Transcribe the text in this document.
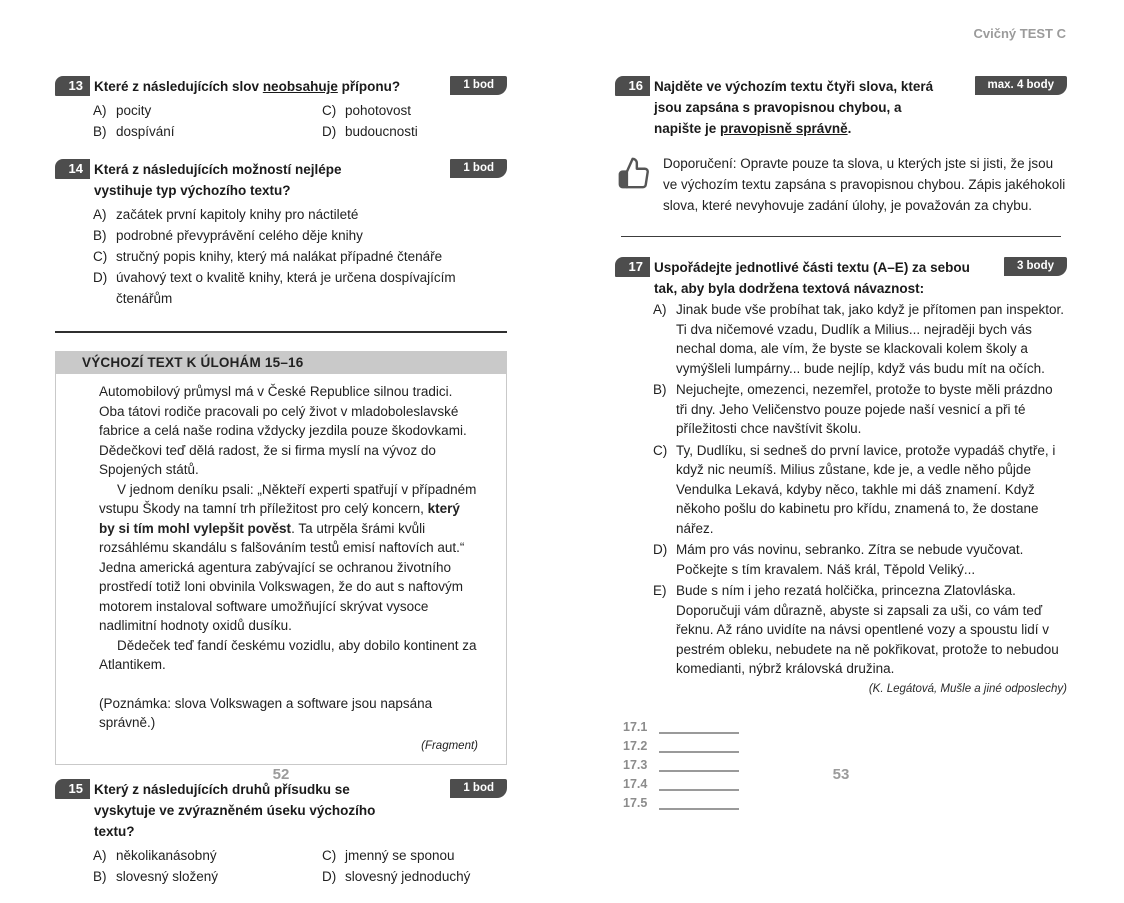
Cvičný TEST C
13 Které z následujících slov neobsahuje příponu?	1 bod
A) pocity	C) pohotovost
B) dospívání	D) budoucnosti
14 Která z následujících možností nejlépe vystihuje typ výchozího textu?
1 bod
A) začátek první kapitoly knihy pro náctileté
B) podrobné převyprávění celého děje knihy
C) stručný popis knihy, který má nalákat případné čtenáře
D) úvahový text o kvalitě knihy, která je určena dospívajícím čtenářům
VÝCHOZÍ TEXT K ÚLOHÁM 15–16

Automobilový průmysl má v České Republice silnou tradici. Oba tátovi rodiče pracovali po celý život v mladoboleslavské fabrice a celá naše rodina vždycky jezdila pouze škodovkami. Dědečkovi teď dělá radost, že si firma myslí na vývoz do Spojených států.

V jednom deníku psali: „Někteří experti spatřují v případném vstupu Škody na tamní trh příležitost pro celý koncern, který by si tím mohl vylepšit pověst. Ta utrpěla šrámi kvůli rozsáhlému skandálu s falšováním testů emisí naftovích aut.“ Jedna americká agentura zabývající se ochranou životního prostředí totiž loni obvinila Volkswagen, že do aut s naftovým motorem instaloval software umožňující skrývat vysoce nadlimitní hodnoty oxidů dusíku.

Dědeček teď fandí českému vozidlu, aby dobilo kontinent za Atlantikem.

(Poznámka: slova Volkswagen a software jsou napsána správně.)

(Fragment)

15 Který z následujících druhů přísudku se vyskytuje ve zvýrazněném úseku výchozího textu?
1 bod
A) několikanásobný	C) jmenný se sponou
B) slovesný složený	D) slovesný jednoduchý
16 Najděte ve výchozím textu čtyři slova, která jsou zapsána s pravopisnou chybou, a napište je pravopisně správně.
max. 4 body
Doporučení: Opravte pouze ta slova, u kterých jste si jisti, že jsou ve výchozím textu zapsána s pravopisnou chybou. Zápis jakéhokoli slova, které nevyhovuje zadání úlohy, je považován za chybu.
17 Uspořádejte jednotlivé části textu (A–E) za sebou tak, aby byla dodržena textová návaznost:
3 body
A) Jinak bude vše probíhat tak, jako když je přítomen pan inspektor. Ti dva ničemové vzadu, Dudlík a Milius... nejraději bych vás nechal doma, ale vím, že byste se klackovali kolem školy a vymýšleli lumpárny... bude nejlíp, když vás budu mít na očích.
B) Nejuchejte, omezenci, nezemřel, protože to byste měli prázdno tři dny. Jeho Veličenstvo pouze pojede naší vesnicí a při té příležitosti chce navštívit školu.
C) Ty, Dudlíku, si sedneš do první lavice, protože vypadáš chytře, i když nic neumíš. Milius zůstane, kde je, a vedle něho půjde Vendulka Lekavá, kdyby něco, takhle mi dáš znamení. Když někoho pošlu do kabinetu pro křídu, znamená to, že dostane nářez.
D) Mám pro vás novinu, sebranko. Zítra se nebude vyučovat. Počkejte s tím kravalem. Náš král, Těpold Veliký...
E) Bude s ním i jeho rezatá holčička, princezna Zlatovláska. Doporučuji vám důrazně, abyste si zapsali za uši, co vám teď řeknu. Až ráno uvidíte na návsi opentlené vozy a spoustu lidí v pestrém obleku, nebudete na ně pokřikovat, protože to nebudou komedianti, nýbrž královská družina.
(K. Legátová, Mušle a jiné odposlechy)
17.1
17.2
17.3
17.4
17.5
52	53
